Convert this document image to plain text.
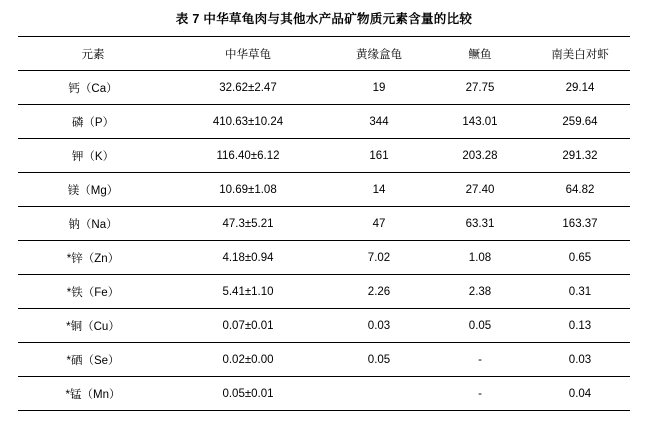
表 7 中华草龟肉与其他水产品矿物质元素含量的比较
元素	中华草龟	黄缘盒龟	鳜鱼	南美白对虾
钙（Ca）	32.62±2.47	19	27.75	29.14
磷（P）	410.63±10.24	344	143.01	259.64
钾（K）	116.40±6.12	161	203.28	291.32
镁（Mg）	10.69±1.08	14	27.40	64.82
钠（Na）	47.3±5.21	47	63.31	163.37
*锌（Zn）	4.18±0.94	7.02	1.08	0.65
*铁（Fe）	5.41±1.10	2.26	2.38	0.31
*铜（Cu）	0.07±0.01	0.03	0.05	0.13
*硒（Se）	0.02±0.00	0.05	-	0.03
*锰（Mn）	0.05±0.01		-	0.04
